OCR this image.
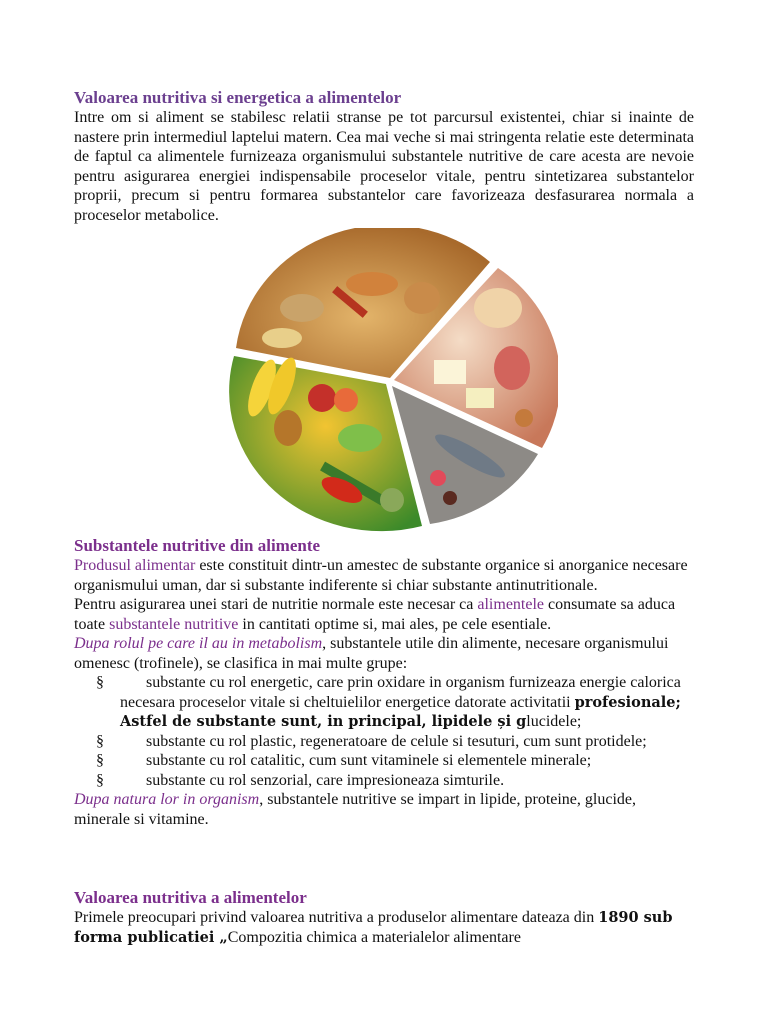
Valoarea nutritiva si energetica a alimentelor

Intre om si aliment se stabilesc relatii stranse pe tot parcursul existentei, chiar si inainte de nastere prin intermediul laptelui matern. Cea mai veche si mai stringenta relatie este determinata de faptul ca alimentele furnizeaza organismului substantele nutritive de care acesta are nevoie pentru asigurarea energiei indispensabile proceselor vitale, pentru sintetizarea substantelor proprii, precum si pentru formarea substantelor care favorizeaza desfasurarea normala a proceselor metabolice.

Substantele nutritive din alimente

Produsul alimentar este constituit dintr-un amestec de substante organice si anorganice necesare organismului uman, dar si substante indiferente si chiar substante antinutritionale.

Pentru asigurarea unei stari de nutritie normale este necesar ca alimentele consumate sa aduca toate substantele nutritive in cantitati optime si, mai ales, pe cele esentiale.

Dupa rolul pe care il au in metabolism, substantele utile din alimente, necesare organismului omenesc (trofinele), se clasifica in mai multe grupe:

§	substante cu rol energetic, care prin oxidare in organism furnizeaza energie calorica necesara proceselor vitale si cheltuielilor energetice datorate activitatii profesionale; Astfel de substante sunt, in principal, lipidele și glucidele;
§	substante cu rol plastic, regeneratoare de celule si tesuturi, cum sunt protidele;
§	substante cu rol catalitic, cum sunt vitaminele si elementele minerale;
§	substante cu rol senzorial, care impresioneaza simturile.

Dupa natura lor in organism, substantele nutritive se impart in lipide, proteine, glucide, minerale si vitamine.

Valoarea nutritiva a alimentelor

Primele preocupari privind valoarea nutritiva a produselor alimentare dateaza din 1890 sub forma publicatiei „Compozitia chimica a materialelor alimentare
